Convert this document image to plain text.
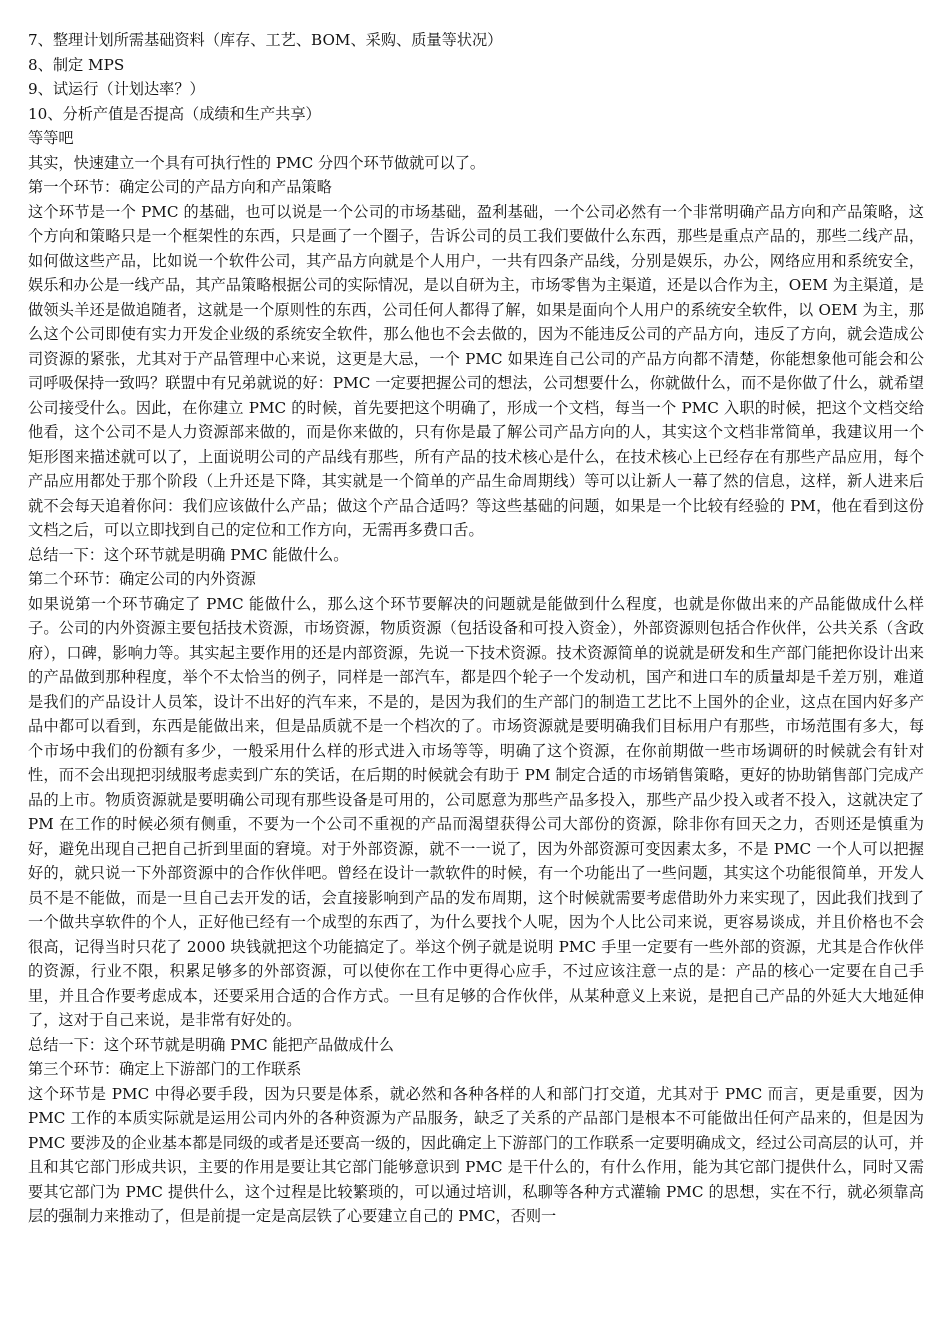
7、整理计划所需基础资料（库存、工艺、BOM、采购、质量等状况）

8、制定 MPS

9、试运行（计划达率？）

10、分析产值是否提高（成绩和生产共享）

等等吧

其实，快速建立一个具有可执行性的 PMC 分四个环节做就可以了。

第一个环节：确定公司的产品方向和产品策略

这个环节是一个 PMC 的基础，也可以说是一个公司的市场基础，盈利基础，一个公司必然有一个非常明确产品方向和产品策略，这个方向和策略只是一个框架性的东西，只是画了一个圈子，告诉公司的员工我们要做什么东西，那些是重点产品的，那些二线产品，如何做这些产品，比如说一个软件公司，其产品方向就是个人用户，一共有四条产品线，分别是娱乐，办公，网络应用和系统安全，娱乐和办公是一线产品，其产品策略根据公司的实际情况，是以自研为主，市场零售为主渠道，还是以合作为主，OEM 为主渠道，是做领头羊还是做追随者，这就是一个原则性的东西，公司任何人都得了解，如果是面向个人用户的系统安全软件，以 OEM 为主，那么这个公司即使有实力开发企业级的系统安全软件，那么他也不会去做的，因为不能违反公司的产品方向，违反了方向，就会造成公司资源的紧张，尤其对于产品管理中心来说，这更是大忌，一个 PMC 如果连自己公司的产品方向都不清楚，你能想象他可能会和公司呼吸保持一致吗？联盟中有兄弟就说的好：PMC 一定要把握公司的想法，公司想要什么，你就做什么，而不是你做了什么，就希望公司接受什么。因此，在你建立 PMC 的时候，首先要把这个明确了，形成一个文档，每当一个 PMC 入职的时候，把这个文档交给他看，这个公司不是人力资源部来做的，而是你来做的，只有你是最了解公司产品方向的人，其实这个文档非常简单，我建议用一个矩形图来描述就可以了，上面说明公司的产品线有那些，所有产品的技术核心是什么，在技术核心上已经存在有那些产品应用，每个产品应用都处于那个阶段（上升还是下降，其实就是一个简单的产品生命周期线）等可以让新人一幕了然的信息，这样，新人进来后就不会每天追着你问：我们应该做什么产品；做这个产品合适吗？等这些基础的问题，如果是一个比较有经验的 PM，他在看到这份文档之后，可以立即找到自己的定位和工作方向，无需再多费口舌。

总结一下：这个环节就是明确 PMC 能做什么。

第二个环节：确定公司的内外资源

如果说第一个环节确定了 PMC 能做什么，那么这个环节要解决的问题就是能做到什么程度，也就是你做出来的产品能做成什么样子。公司的内外资源主要包括技术资源，市场资源，物质资源（包括设备和可投入资金），外部资源则包括合作伙伴，公共关系（含政府），口碑，影响力等。其实起主要作用的还是内部资源，先说一下技术资源。技术资源简单的说就是研发和生产部门能把你设计出来的产品做到那种程度，举个不太恰当的例子，同样是一部汽车，都是四个轮子一个发动机，国产和进口车的质量却是千差万别，难道是我们的产品设计人员笨，设计不出好的汽车来，不是的，是因为我们的生产部门的制造工艺比不上国外的企业，这点在国内好多产品中都可以看到，东西是能做出来，但是品质就不是一个档次的了。市场资源就是要明确我们目标用户有那些，市场范围有多大，每个市场中我们的份额有多少，一般采用什么样的形式进入市场等等，明确了这个资源，在你前期做一些市场调研的时候就会有针对性，而不会出现把羽绒服考虑卖到广东的笑话，在后期的时候就会有助于 PM 制定合适的市场销售策略，更好的协助销售部门完成产品的上市。物质资源就是要明确公司现有那些设备是可用的，公司愿意为那些产品多投入，那些产品少投入或者不投入，这就决定了 PM 在工作的时候必须有侧重，不要为一个公司不重视的产品而渴望获得公司大部份的资源，除非你有回天之力，否则还是慎重为好，避免出现自己把自己折到里面的窘境。对于外部资源，就不一一说了，因为外部资源可变因素太多，不是 PMC 一个人可以把握好的，就只说一下外部资源中的合作伙伴吧。曾经在设计一款软件的时候，有一个功能出了一些问题，其实这个功能很简单，开发人员不是不能做，而是一旦自己去开发的话，会直接影响到产品的发布周期，这个时候就需要考虑借助外力来实现了，因此我们找到了一个做共享软件的个人，正好他已经有一个成型的东西了，为什么要找个人呢，因为个人比公司来说，更容易谈成，并且价格也不会很高，记得当时只花了 2000 块钱就把这个功能搞定了。举这个例子就是说明 PMC 手里一定要有一些外部的资源，尤其是合作伙伴的资源，行业不限，积累足够多的外部资源，可以使你在工作中更得心应手，不过应该注意一点的是：产品的核心一定要在自己手里，并且合作要考虑成本，还要采用合适的合作方式。一旦有足够的合作伙伴，从某种意义上来说，是把自己产品的外延大大地延伸了，这对于自己来说，是非常有好处的。

总结一下：这个环节就是明确 PMC 能把产品做成什么

第三个环节：确定上下游部门的工作联系

这个环节是 PMC 中得必要手段，因为只要是体系，就必然和各种各样的人和部门打交道，尤其对于 PMC 而言，更是重要，因为 PMC 工作的本质实际就是运用公司内外的各种资源为产品服务，缺乏了关系的产品部门是根本不可能做出任何产品来的，但是因为 PMC 要涉及的企业基本都是同级的或者是还要高一级的，因此确定上下游部门的工作联系一定要明确成文，经过公司高层的认可，并且和其它部门形成共识，主要的作用是要让其它部门能够意识到 PMC 是干什么的，有什么作用，能为其它部门提供什么，同时又需要其它部门为 PMC 提供什么，这个过程是比较繁琐的，可以通过培训，私聊等各种方式灌输 PMC 的思想，实在不行，就必须靠高层的强制力来推动了，但是前提一定是高层铁了心要建立自己的 PMC，否则一
